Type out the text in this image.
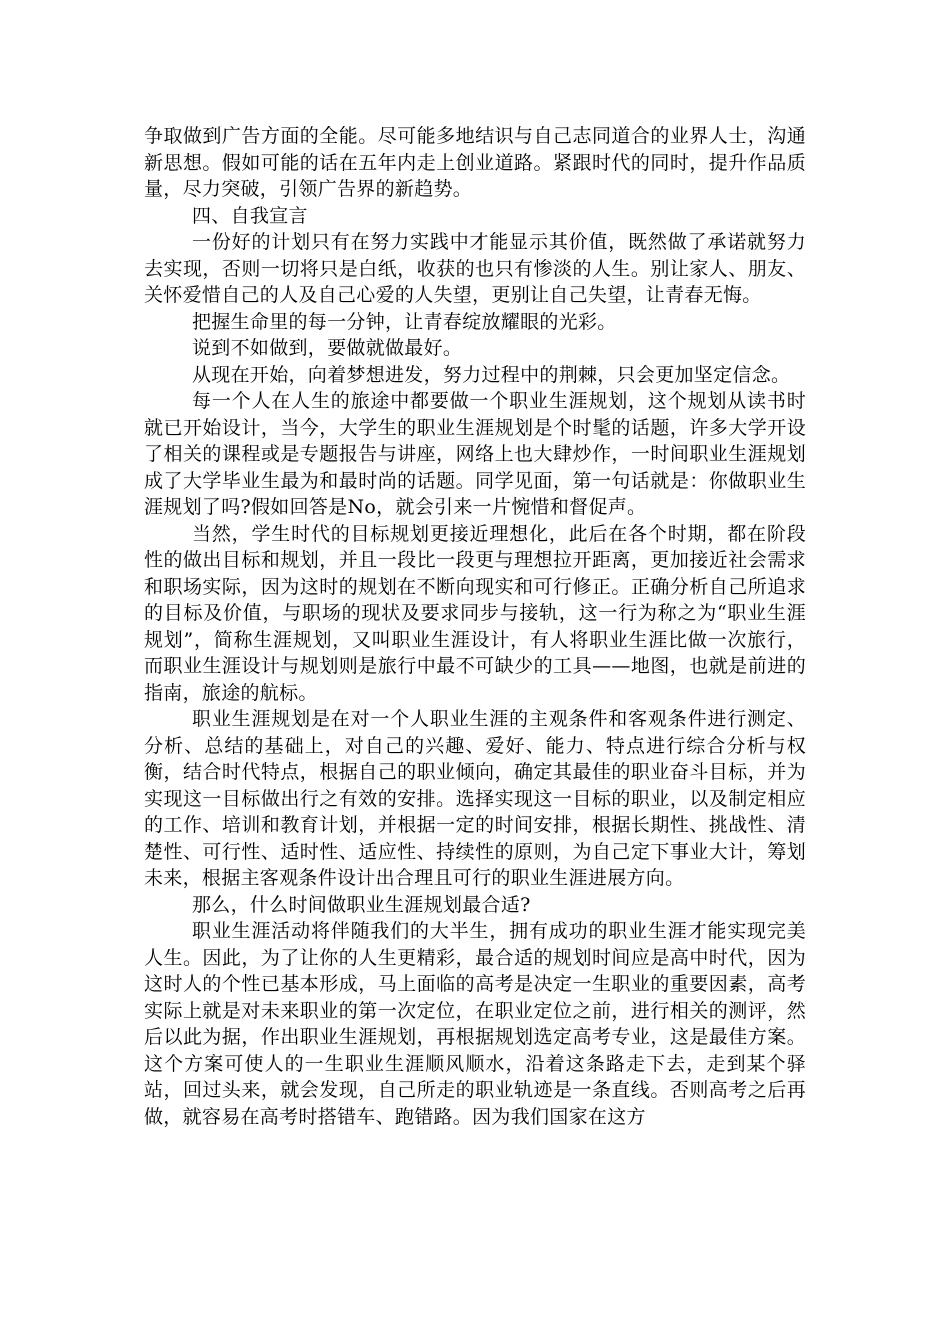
争取做到广告方面的全能。尽可能多地结识与自己志同道合的业界人士，沟通新思想。假如可能的话在五年内走上创业道路。紧跟时代的同时，提升作品质量，尽力突破，引领广告界的新趋势。

四、自我宣言

一份好的计划只有在努力实践中才能显示其价值，既然做了承诺就努力去实现，否则一切将只是白纸，收获的也只有惨淡的人生。别让家人、朋友、关怀爱惜自己的人及自己心爱的人失望，更别让自己失望，让青春无悔。

把握生命里的每一分钟，让青春绽放耀眼的光彩。

说到不如做到，要做就做最好。

从现在开始，向着梦想进发，努力过程中的荆棘，只会更加坚定信念。

每一个人在人生的旅途中都要做一个职业生涯规划，这个规划从读书时就已开始设计，当今，大学生的职业生涯规划是个时髦的话题，许多大学开设了相关的课程或是专题报告与讲座，网络上也大肆炒作，一时间职业生涯规划成了大学毕业生最为和最时尚的话题。同学见面，第一句话就是：你做职业生涯规划了吗?假如回答是No，就会引来一片惋惜和督促声。

当然，学生时代的目标规划更接近理想化，此后在各个时期，都在阶段性的做出目标和规划，并且一段比一段更与理想拉开距离，更加接近社会需求和职场实际，因为这时的规划在不断向现实和可行修正。正确分析自己所追求的目标及价值，与职场的现状及要求同步与接轨，这一行为称之为“职业生涯规划”，简称生涯规划，又叫职业生涯设计，有人将职业生涯比做一次旅行，而职业生涯设计与规划则是旅行中最不可缺少的工具——地图，也就是前进的指南，旅途的航标。

职业生涯规划是在对一个人职业生涯的主观条件和客观条件进行测定、分析、总结的基础上，对自己的兴趣、爱好、能力、特点进行综合分析与权衡，结合时代特点，根据自己的职业倾向，确定其最佳的职业奋斗目标，并为实现这一目标做出行之有效的安排。选择实现这一目标的职业，以及制定相应的工作、培训和教育计划，并根据一定的时间安排，根据长期性、挑战性、清楚性、可行性、适时性、适应性、持续性的原则，为自己定下事业大计，筹划未来，根据主客观条件设计出合理且可行的职业生涯进展方向。

那么，什么时间做职业生涯规划最合适?

职业生涯活动将伴随我们的大半生，拥有成功的职业生涯才能实现完美人生。因此，为了让你的人生更精彩，最合适的规划时间应是高中时代，因为这时人的个性已基本形成，马上面临的高考是决定一生职业的重要因素，高考实际上就是对未来职业的第一次定位，在职业定位之前，进行相关的测评，然后以此为据，作出职业生涯规划，再根据规划选定高考专业，这是最佳方案。这个方案可使人的一生职业生涯顺风顺水，沿着这条路走下去，走到某个驿站，回过头来，就会发现，自己所走的职业轨迹是一条直线。否则高考之后再做，就容易在高考时搭错车、跑错路。因为我们国家在这方
